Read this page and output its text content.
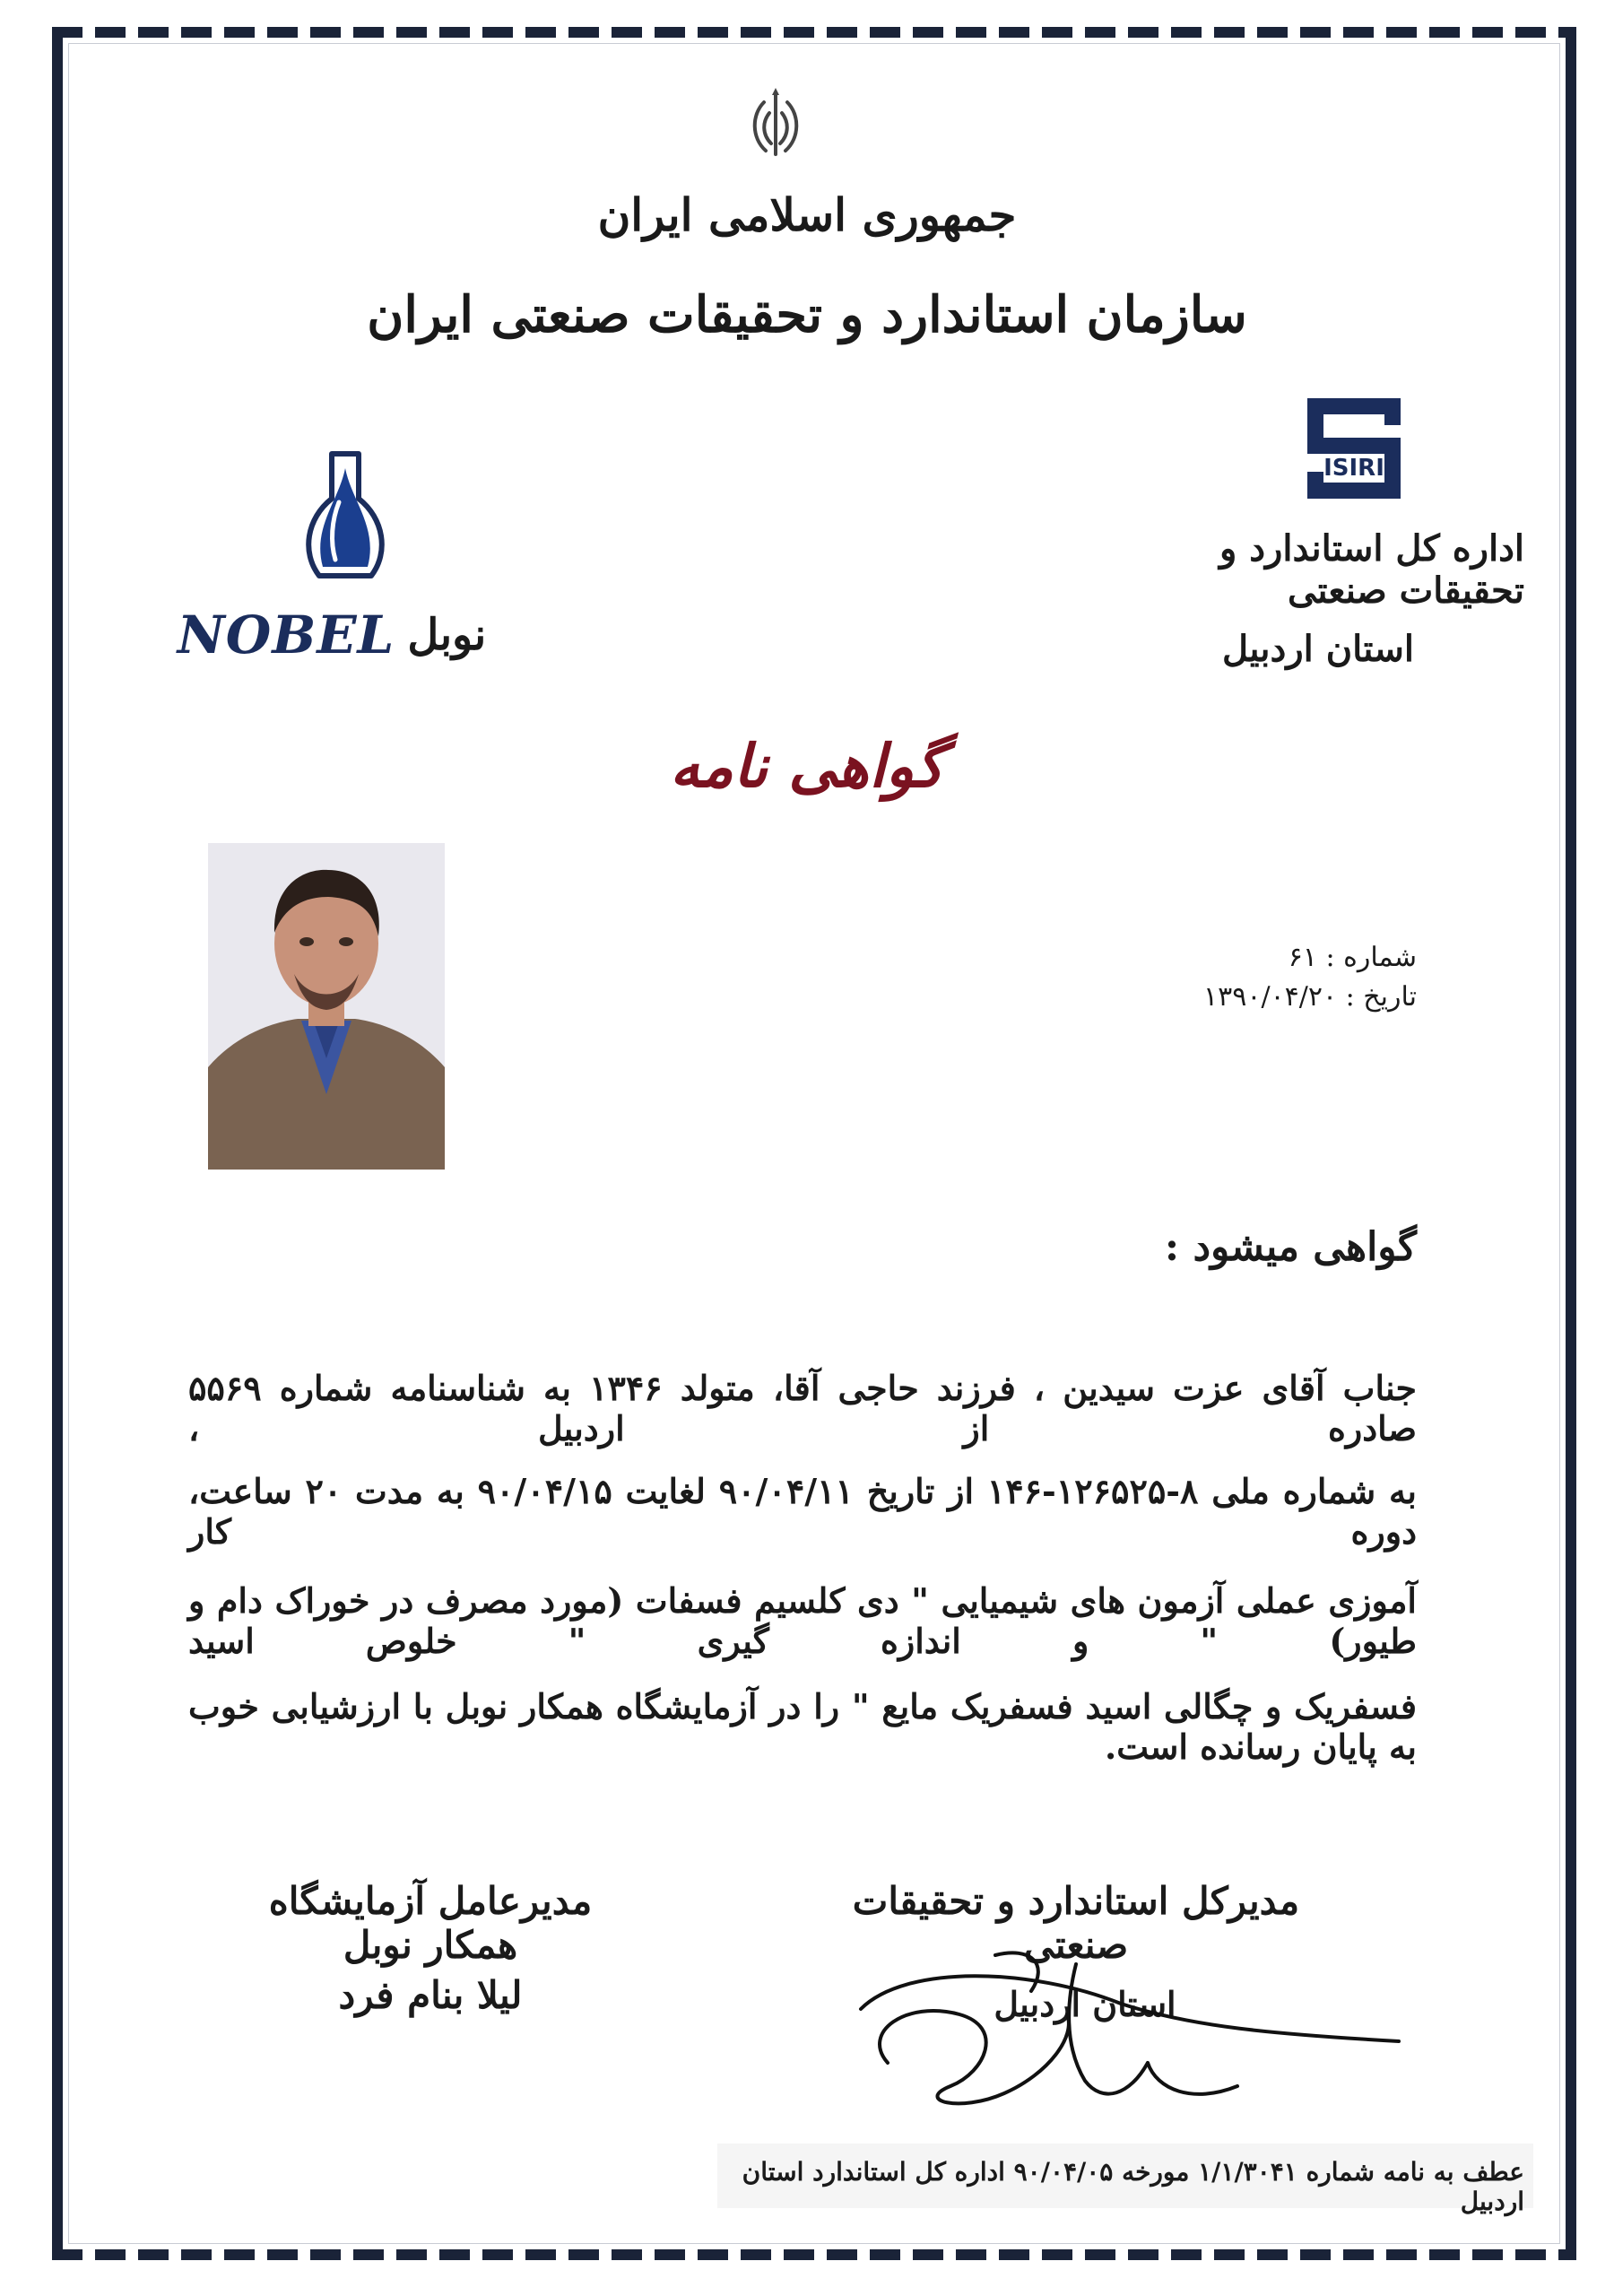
جمهوری اسلامی ایران
سازمان استاندارد و تحقیقات صنعتی ایران
ISIRI
اداره کل استاندارد و تحقیقات صنعتی
استان اردبیل
NOBEL نوبل
گواهی نامه
شماره : ۶۱
تاریخ : ۱۳۹۰/۰۴/۲۰
گواهی میشود :
جناب آقای عزت سیدین ، فرزند حاجی آقا، متولد ۱۳۴۶ به شناسنامه شماره ۵۵۶۹ صادره از اردبیل ،
به شماره ملی ۸-۱۲۶۵۲۵-۱۴۶ از تاریخ ۹۰/۰۴/۱۱ لغایت ۹۰/۰۴/۱۵ به مدت ۲۰ ساعت، دوره کار
آموزی عملی آزمون های شیمیایی " دی کلسیم فسفات (مورد مصرف در خوراک دام و طیور) " و اندازه گیری " خلوص اسید
فسفریک و چگالی اسید فسفریک مایع " را در آزمایشگاه همکار نوبل با ارزشیابی خوب به پایان رسانده است.
مدیرعامل آزمایشگاه همکار نوبل
لیلا بنام فرد
مدیرکل استاندارد و تحقیقات صنعتی
استان اردبیل
عطف به نامه شماره ۱/۱/۳۰۴۱ مورخه ۹۰/۰۴/۰۵ اداره کل استاندارد استان اردبیل
